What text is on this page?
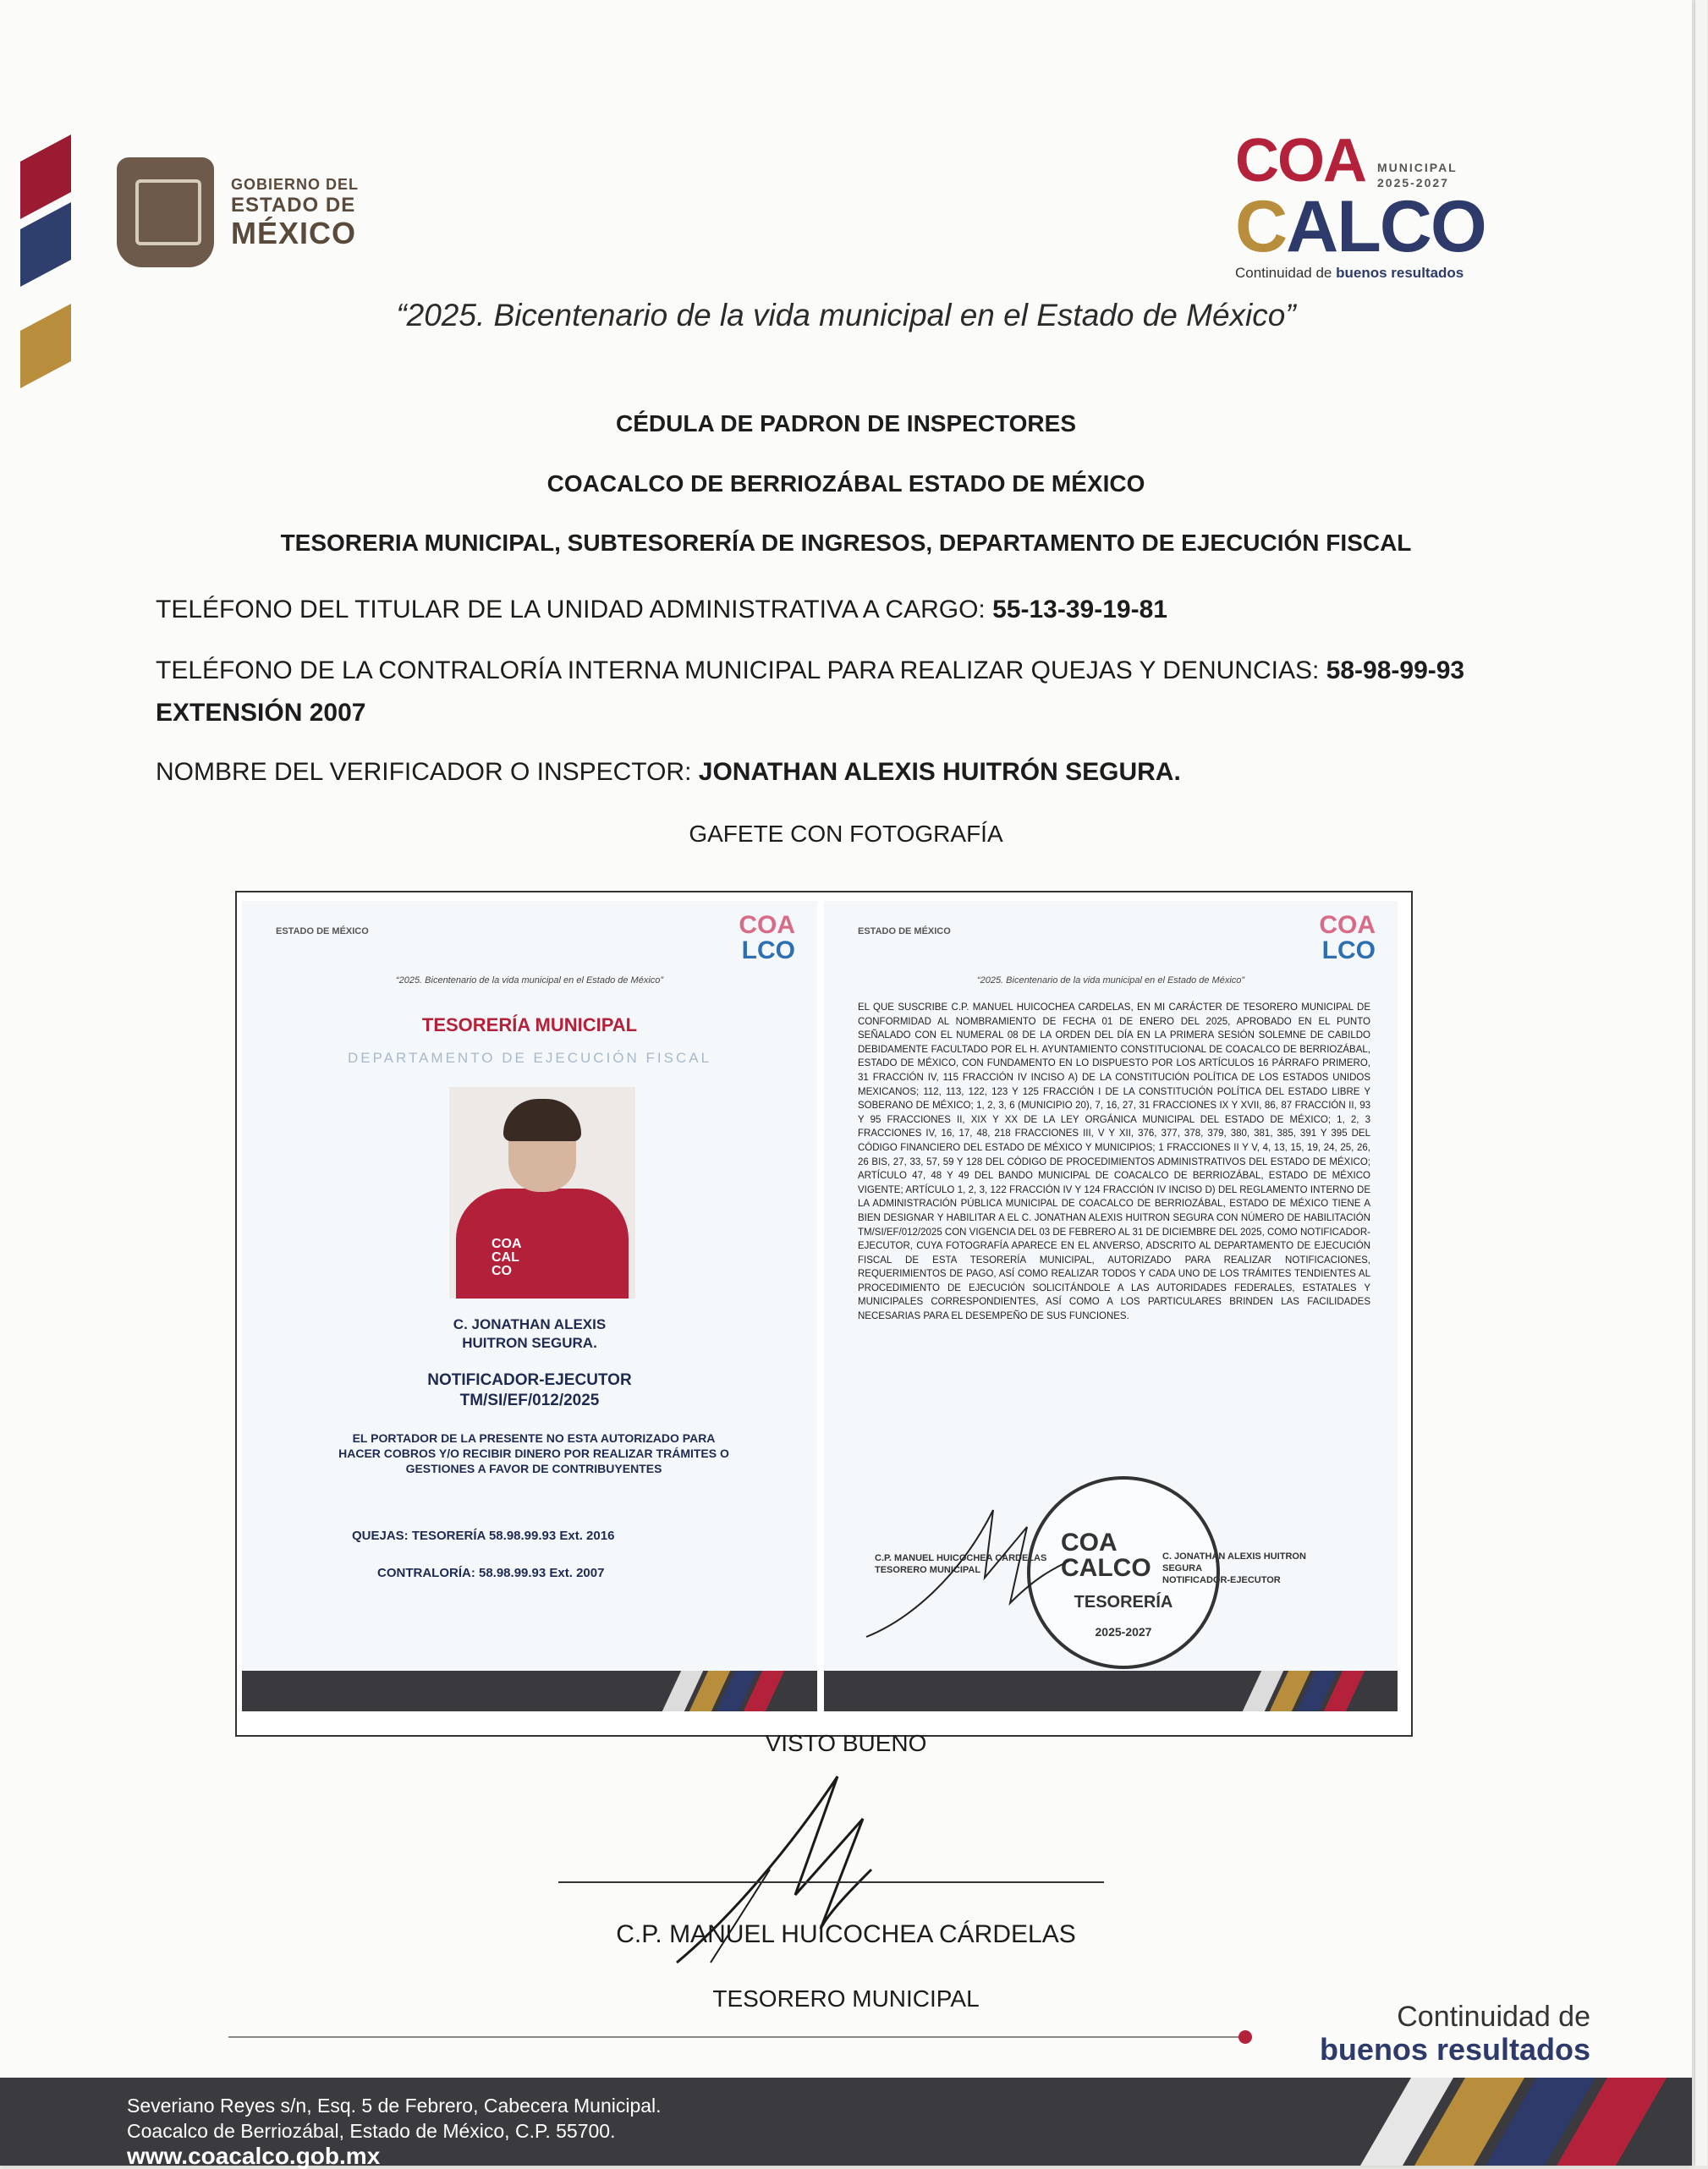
GOBIERNO DEL
ESTADO DE
MÉXICO
COA MUNICIPAL
2025-2027
CALCO
Continuidad de buenos resultados
“2025. Bicentenario de la vida municipal en el Estado de México”
CÉDULA DE PADRON DE INSPECTORES
COACALCO DE BERRIOZÁBAL ESTADO DE MÉXICO
TESORERIA MUNICIPAL, SUBTESORERÍA DE INGRESOS, DEPARTAMENTO DE EJECUCIÓN FISCAL
TELÉFONO DEL TITULAR DE LA UNIDAD ADMINISTRATIVA A CARGO: 55-13-39-19-81
TELÉFONO DE LA CONTRALORÍA INTERNA MUNICIPAL PARA REALIZAR QUEJAS Y DENUNCIAS: 58-98-99-93
EXTENSIÓN 2007
NOMBRE DEL VERIFICADOR O INSPECTOR: JONATHAN ALEXIS HUITRÓN SEGURA.
GAFETE CON FOTOGRAFÍA
ESTADO DE MÉXICO	COA
LCO
“2025. Bicentenario de la vida municipal en el Estado de México”
TESORERÍA MUNICIPAL
DEPARTAMENTO DE EJECUCIÓN FISCAL
COA CAL CO
C. JONATHAN ALEXIS
HUITRON SEGURA.
NOTIFICADOR-EJECUTOR
TM/SI/EF/012/2025
EL PORTADOR DE LA PRESENTE NO ESTA AUTORIZADO PARA HACER COBROS Y/O RECIBIR DINERO POR REALIZAR TRÁMITES O GESTIONES A FAVOR DE CONTRIBUYENTES
QUEJAS: TESORERÍA 58.98.99.93 Ext. 2016
CONTRALORÍA: 58.98.99.93 Ext. 2007
ESTADO DE MÉXICO	COA
LCO
“2025. Bicentenario de la vida municipal en el Estado de México”
EL QUE SUSCRIBE C.P. MANUEL HUICOCHEA CARDELAS, EN MI CARÁCTER DE TESORERO MUNICIPAL DE CONFORMIDAD AL NOMBRAMIENTO DE FECHA 01 DE ENERO DEL 2025, APROBADO EN EL PUNTO SEÑALADO CON EL NUMERAL 08 DE LA ORDEN DEL DÍA EN LA PRIMERA SESIÓN SOLEMNE DE CABILDO DEBIDAMENTE FACULTADO POR EL H. AYUNTAMIENTO CONSTITUCIONAL DE COACALCO DE BERRIOZÁBAL, ESTADO DE MÉXICO, CON FUNDAMENTO EN LO DISPUESTO POR LOS ARTÍCULOS 16 PÁRRAFO PRIMERO, 31 FRACCIÓN IV, 115 FRACCIÓN IV INCISO A) DE LA CONSTITUCIÓN POLÍTICA DE LOS ESTADOS UNIDOS MEXICANOS; 112, 113, 122, 123 Y 125 FRACCIÓN I DE LA CONSTITUCIÓN POLÍTICA DEL ESTADO LIBRE Y SOBERANO DE MÉXICO; 1, 2, 3, 6 (MUNICIPIO 20), 7, 16, 27, 31 FRACCIONES IX Y XVII, 86, 87 FRACCIÓN II, 93 Y 95 FRACCIONES II, XIX Y XX DE LA LEY ORGÁNICA MUNICIPAL DEL ESTADO DE MÉXICO; 1, 2, 3 FRACCIONES IV, 16, 17, 48, 218 FRACCIONES III, V Y XII, 376, 377, 378, 379, 380, 381, 385, 391 Y 395 DEL CÓDIGO FINANCIERO DEL ESTADO DE MÉXICO Y MUNICIPIOS; 1 FRACCIONES II Y V, 4, 13, 15, 19, 24, 25, 26, 26 BIS, 27, 33, 57, 59 Y 128 DEL CÓDIGO DE PROCEDIMIENTOS ADMINISTRATIVOS DEL ESTADO DE MÉXICO; ARTÍCULO 47, 48 Y 49 DEL BANDO MUNICIPAL DE COACALCO DE BERRIOZÁBAL, ESTADO DE MÉXICO VIGENTE; ARTÍCULO 1, 2, 3, 122 FRACCIÓN IV Y 124 FRACCIÓN IV INCISO D) DEL REGLAMENTO INTERNO DE LA ADMINISTRACIÓN PÚBLICA MUNICIPAL DE COACALCO DE BERRIOZÁBAL, ESTADO DE MÉXICO TIENE A BIEN DESIGNAR Y HABILITAR A EL C. JONATHAN ALEXIS HUITRON SEGURA CON NÚMERO DE HABILITACIÓN TM/SI/EF/012/2025 CON VIGENCIA DEL 03 DE FEBRERO AL 31 DE DICIEMBRE DEL 2025, COMO NOTIFICADOR-EJECUTOR, CUYA FOTOGRAFÍA APARECE EN EL ANVERSO, ADSCRITO AL DEPARTAMENTO DE EJECUCIÓN FISCAL DE ESTA TESORERÍA MUNICIPAL, AUTORIZADO PARA REALIZAR NOTIFICACIONES, REQUERIMIENTOS DE PAGO, ASÍ COMO REALIZAR TODOS Y CADA UNO DE LOS TRÁMITES TENDIENTES AL PROCEDIMIENTO DE EJECUCIÓN SOLICITÁNDOLE A LAS AUTORIDADES FEDERALES, ESTATALES Y MUNICIPALES CORRESPONDIENTES, ASÍ COMO A LOS PARTICULARES BRINDEN LAS FACILIDADES NECESARIAS PARA EL DESEMPEÑO DE SUS FUNCIONES.
COA CALCO
TESORERÍA
2025-2027
C.P. MANUEL HUICOCHEA CARDELAS
TESORERO MUNICIPAL
C. JONATHAN ALEXIS HUITRON
SEGURA
NOTIFICADOR-EJECUTOR
VISTO BUENO
C.P. MANUEL HUICOCHEA CÁRDELAS
TESORERO MUNICIPAL
Continuidad de
buenos resultados
Severiano Reyes s/n, Esq. 5 de Febrero, Cabecera Municipal.
Coacalco de Berriozábal, Estado de México, C.P. 55700.
www.coacalco.gob.mx
